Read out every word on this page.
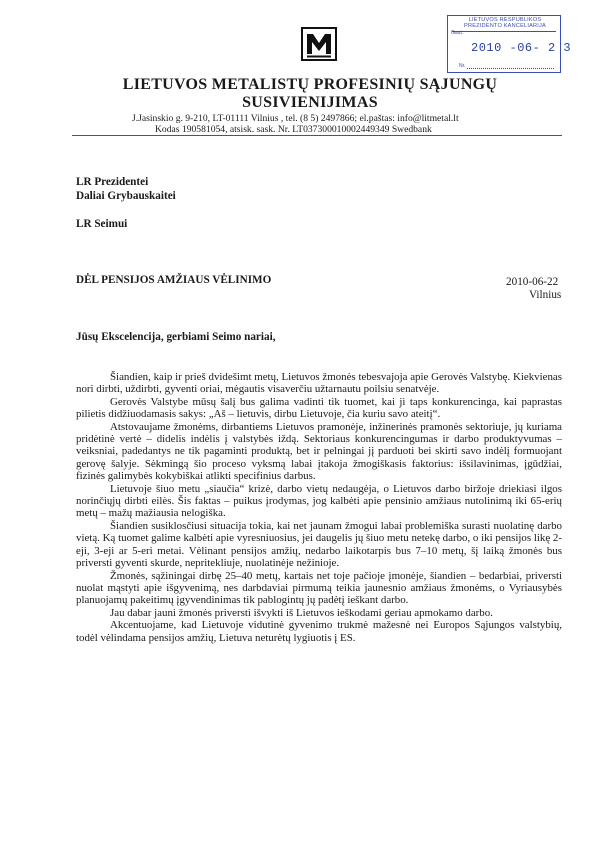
LIETUVOS RESPUBLIKOS
PREZIDENTO KANCELIARIJA
Gaut.
2010 -06- 2 3
Nr.
LIETUVOS METALISTŲ PROFESINIŲ SĄJUNGŲ
SUSIVIENIJIMAS
J.Jasinskio g. 9-210, LT-01111 Vilnius , tel. (8 5) 2497866; el.paštas: info@litmetal.lt
Kodas 190581054, atsisk. sask. Nr. LT037300010002449349 Swedbank
LR Prezidentei
Daliai Grybauskaitei
LR Seimui
DĖL PENSIJOS AMŽIAUS VĖLINIMO	2010-06-22
Vilnius
Jūsų Ekscelencija, gerbiami Seimo nariai,

Šiandien, kaip ir prieš dvidešimt metų, Lietuvos žmonės tebesvajoja apie Gerovės Valstybę. Kiekvienas nori dirbti, uždirbti, gyventi oriai, mėgautis visaverčiu užtarnautu poilsiu senatvėje.

Gerovės Valstybe mūsų šalį bus galima vadinti tik tuomet, kai ji taps konkurencinga, kai paprastas pilietis didžiuodamasis sakys: „Aš – lietuvis, dirbu Lietuvoje, čia kuriu savo ateitį“.

Atstovaujame žmonėms, dirbantiems Lietuvos pramonėje, inžinerinės pramonės sektoriuje, jų kuriama pridėtinė vertė – didelis indėlis į valstybės iždą. Sektoriaus konkurencingumas ir darbo produktyvumas – veiksniai, padedantys ne tik pagaminti produktą, bet ir pelningai jį parduoti bei skirti savo indėlį formuojant gerovę šalyje. Sėkmingą šio proceso vyksmą labai įtakoja žmogiškasis faktorius: išsilavinimas, įgūdžiai, fizinės galimybės kokybiškai atlikti specifinius darbus.

Lietuvoje šiuo metu „siaučia“ krizė, darbo vietų nedaugėja, o Lietuvos darbo biržoje driekiasi ilgos norinčiųjų dirbti eilės. Šis faktas – puikus įrodymas, jog kalbėti apie pensinio amžiaus nutolinimą iki 65-erių metų – mažų mažiausia nelogiška.

Šiandien susiklosčiusi situacija tokia, kai net jaunam žmogui labai problemiška surasti nuolatinę darbo vietą. Ką tuomet galime kalbėti apie vyresniuosius, jei daugelis jų šiuo metu netekę darbo, o iki pensijos likę 2-eji, 3-eji ar 5-eri metai. Vėlinant pensijos amžių, nedarbo laikotarpis bus 7–10 metų, šį laiką žmonės bus priversti gyventi skurde, nepritekliuje, nuolatinėje nežinioje.

Žmonės, sąžiningai dirbę 25–40 metų, kartais net toje pačioje įmonėje, šiandien – bedarbiai, priversti nuolat mąstyti apie išgyvenimą, nes darbdaviai pirmumą teikia jaunesnio amžiaus žmonėms, o Vyriausybės planuojamų pakeitimų įgyvendinimas tik pablogintų jų padėtį ieškant darbo.

Jau dabar jauni žmonės priversti išvykti iš Lietuvos ieškodami geriau apmokamo darbo.

Akcentuojame, kad Lietuvoje vidutinė gyvenimo trukmė mažesnė nei Europos Sąjungos valstybių, todėl vėlindama pensijos amžių, Lietuva neturėtų lygiuotis į ES.
